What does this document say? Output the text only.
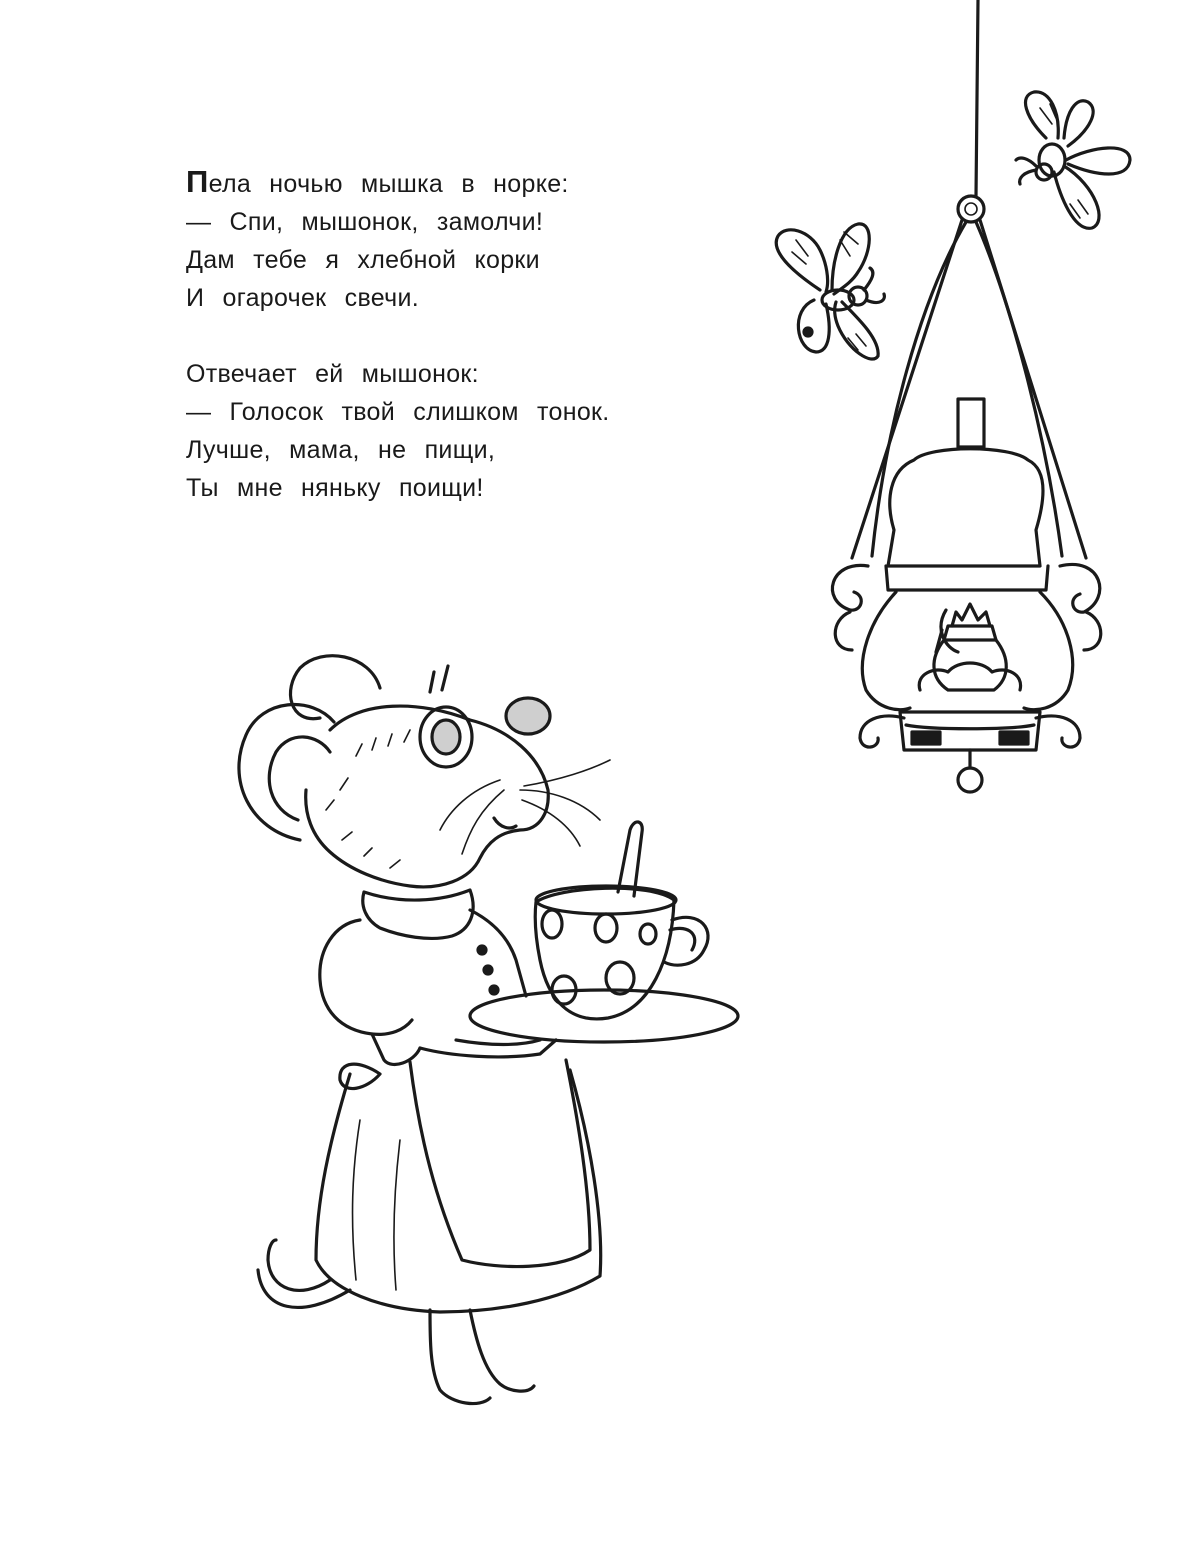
Пела ночью мышка в норке:
— Спи, мышонок, замолчи!
Дам тебе я хлебной корки
И огарочек свечи.

Отвечает ей мышонок:
— Голосок твой слишком тонок.
Лучше, мама, не пищи,
Ты мне няньку поищи!
